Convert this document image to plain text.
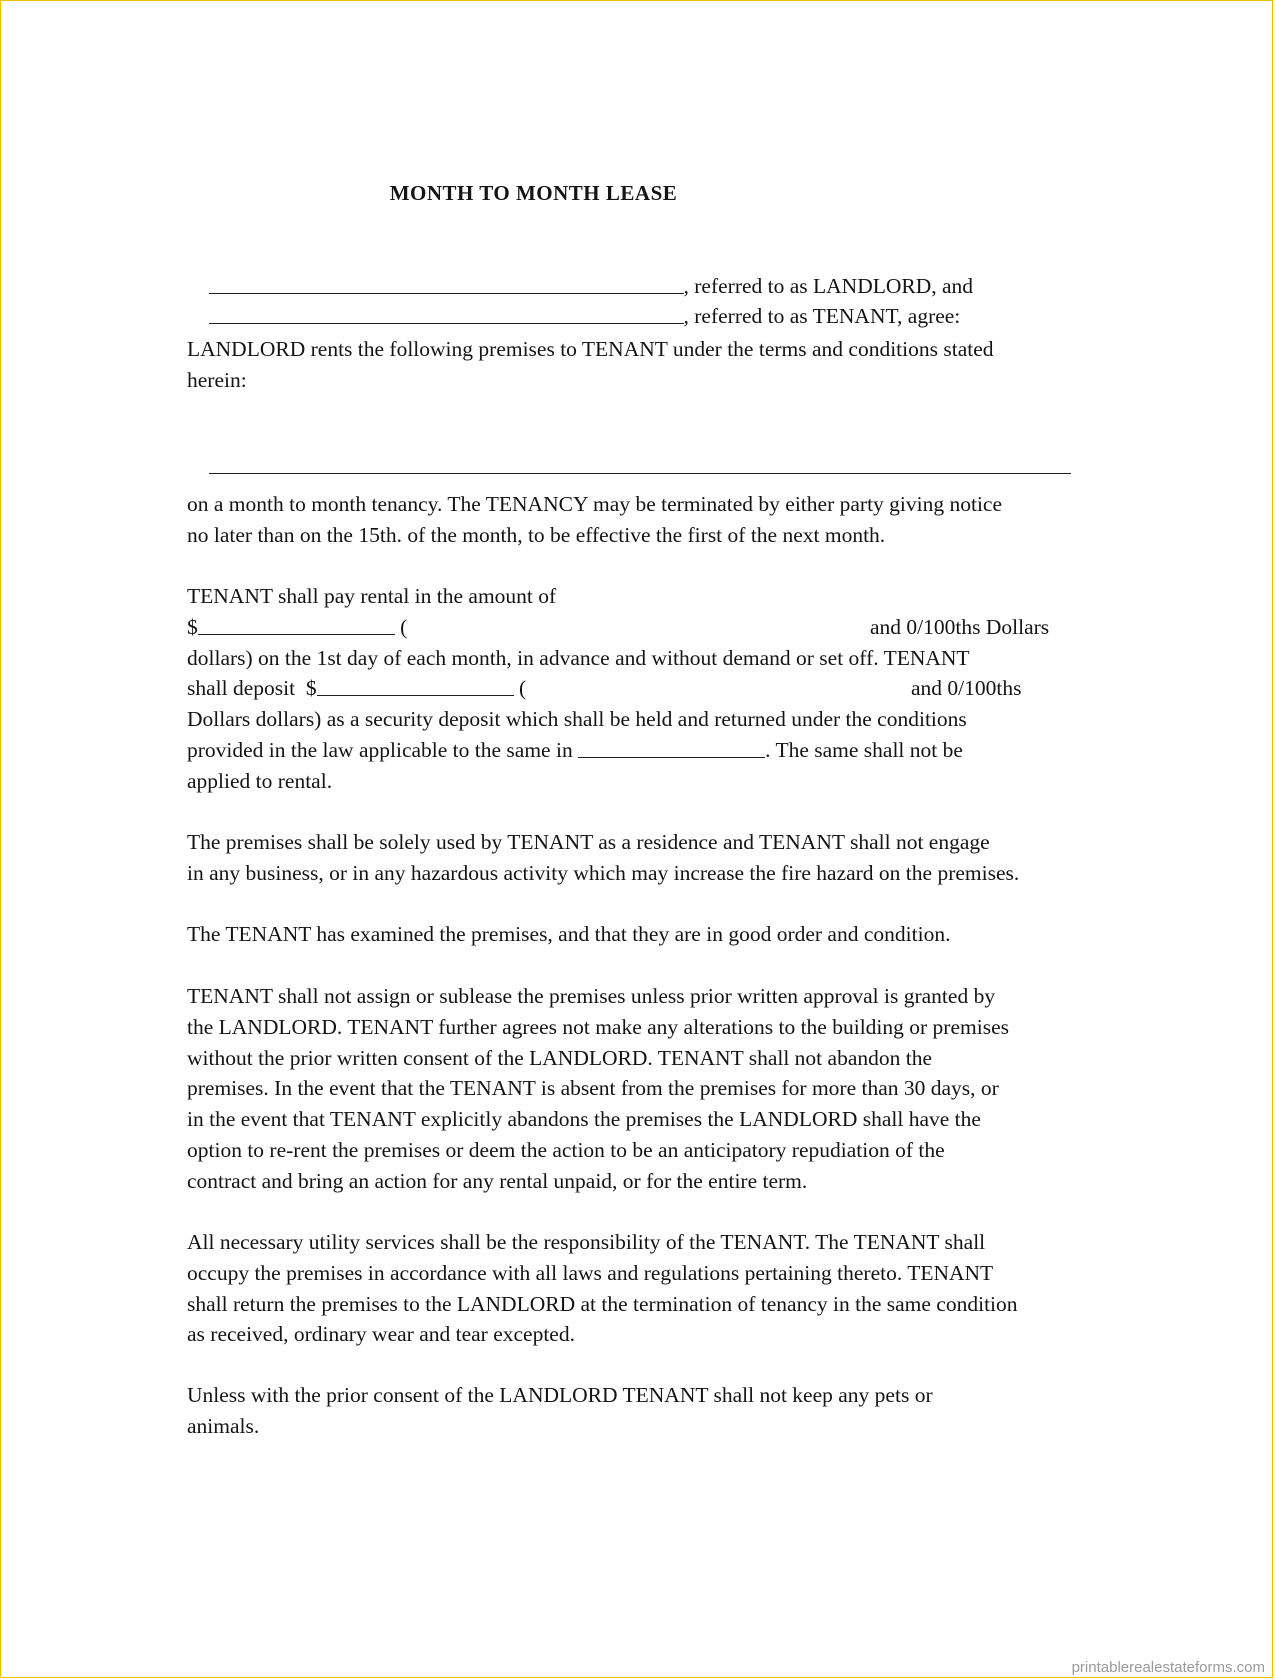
MONTH TO MONTH LEASE

, referred to as LANDLORD, and

, referred to as TENANT, agree:

LANDLORD rents the following premises to TENANT under the terms and conditions stated
herein:

on a month to month tenancy. The TENANCY may be terminated by either party giving notice
no later than on the 15th. of the month, to be effective the first of the next month.
TENANT shall pay rental in the amount of
$	(	and 0/100ths Dollars
dollars) on the 1st day of each month, in advance and without demand or set off. TENANT
shall deposit  $	(	and 0/100ths
Dollars dollars) as a security deposit which shall be held and returned under the conditions
provided in the law applicable to the same in	. The same shall not be
applied to rental.
The premises shall be solely used by TENANT as a residence and TENANT shall not engage
in any business, or in any hazardous activity which may increase the fire hazard on the premises.
The TENANT has examined the premises, and that they are in good order and condition.
TENANT shall not assign or sublease the premises unless prior written approval is granted by
the LANDLORD. TENANT further agrees not make any alterations to the building or premises
without the prior written consent of the LANDLORD. TENANT shall not abandon the
premises. In the event that the TENANT is absent from the premises for more than 30 days, or
in the event that TENANT explicitly abandons the premises the LANDLORD shall have the
option to re-rent the premises or deem the action to be an anticipatory repudiation of the
contract and bring an action for any rental unpaid, or for the entire term.
All necessary utility services shall be the responsibility of the TENANT. The TENANT shall
occupy the premises in accordance with all laws and regulations pertaining thereto. TENANT
shall return the premises to the LANDLORD at the termination of tenancy in the same condition
as received, ordinary wear and tear excepted.
Unless with the prior consent of the LANDLORD TENANT shall not keep any pets or
animals.
printablerealestateforms.com
